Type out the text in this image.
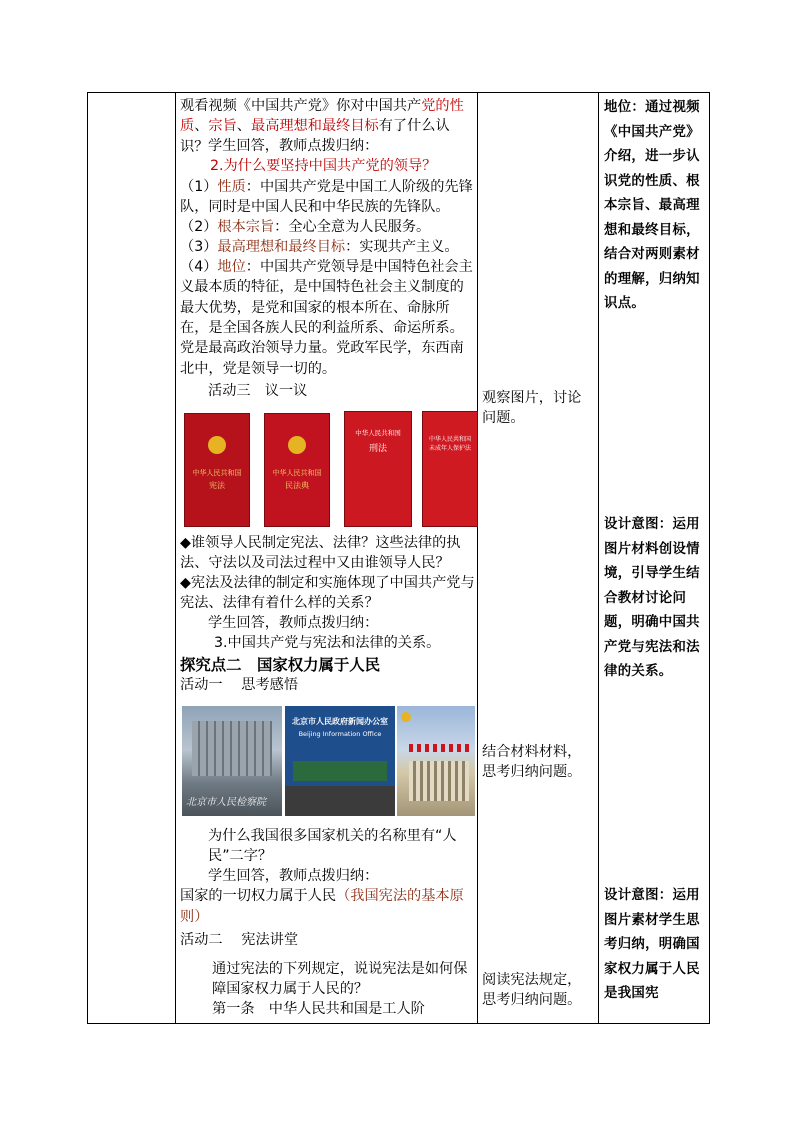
观看视频《中国共产党》你对中国共产党的性质、宗旨、最高理想和最终目标有了什么认识？ 学生回答，教师点拨归纳：

2.为什么要坚持中国共产党的领导？

（1）性质：中国共产党是中国工人阶级的先锋队，同时是中国人民和中华民族的先锋队。

（2）根本宗旨：全心全意为人民服务。

（3）最高理想和最终目标：实现共产主义。

（4）地位：中国共产党领导是中国特色社会主义最本质的特征，是中国特色社会主义制度的最大优势，是党和国家的根本所在、命脉所在，是全国各族人民的利益所系、命运所系。党是最高政治领导力量。党政军民学，东西南北中，党是领导一切的。

活动三　议一议

中华人民共和国
宪法
中华人民共和国
民法典
中华人民共和国
刑法
中华人民共和国
未成年人保护法

◆谁领导人民制定宪法、法律？这些法律的执法、守法以及司法过程中又由谁领导人民？

◆宪法及法律的制定和实施体现了中国共产党与宪法、法律有着什么样的关系？

学生回答，教师点拨归纳：

3.中国共产党与宪法和法律的关系。

探究点二　国家权力属于人民

活动一　 思考感悟

北京市人民检察院
北京市人民政府新闻办公室
Beijing Information Office

为什么我国很多国家机关的名称里有“人民”二字？

学生回答，教师点拨归纳：

国家的一切权力属于人民（我国宪法的基本原则）

活动二　 宪法讲堂

通过宪法的下列规定，说说宪法是如何保障国家权力属于人民的？

第一条　中华人民共和国是工人阶

观察图片，讨论问题。
结合材料材料，思考归纳问题。
阅读宪法规定，思考归纳问题。
地位：通过视频《中国共产党》介绍，进一步认识党的性质、根本宗旨、最高理想和最终目标，结合对两则素材的理解，归纳知识点。
设计意图：运用图片材料创设情境，引导学生结合教材讨论问题，明确中国共产党与宪法和法律的关系。
设计意图：运用图片素材学生思考归纳，明确国家权力属于人民是我国宪
